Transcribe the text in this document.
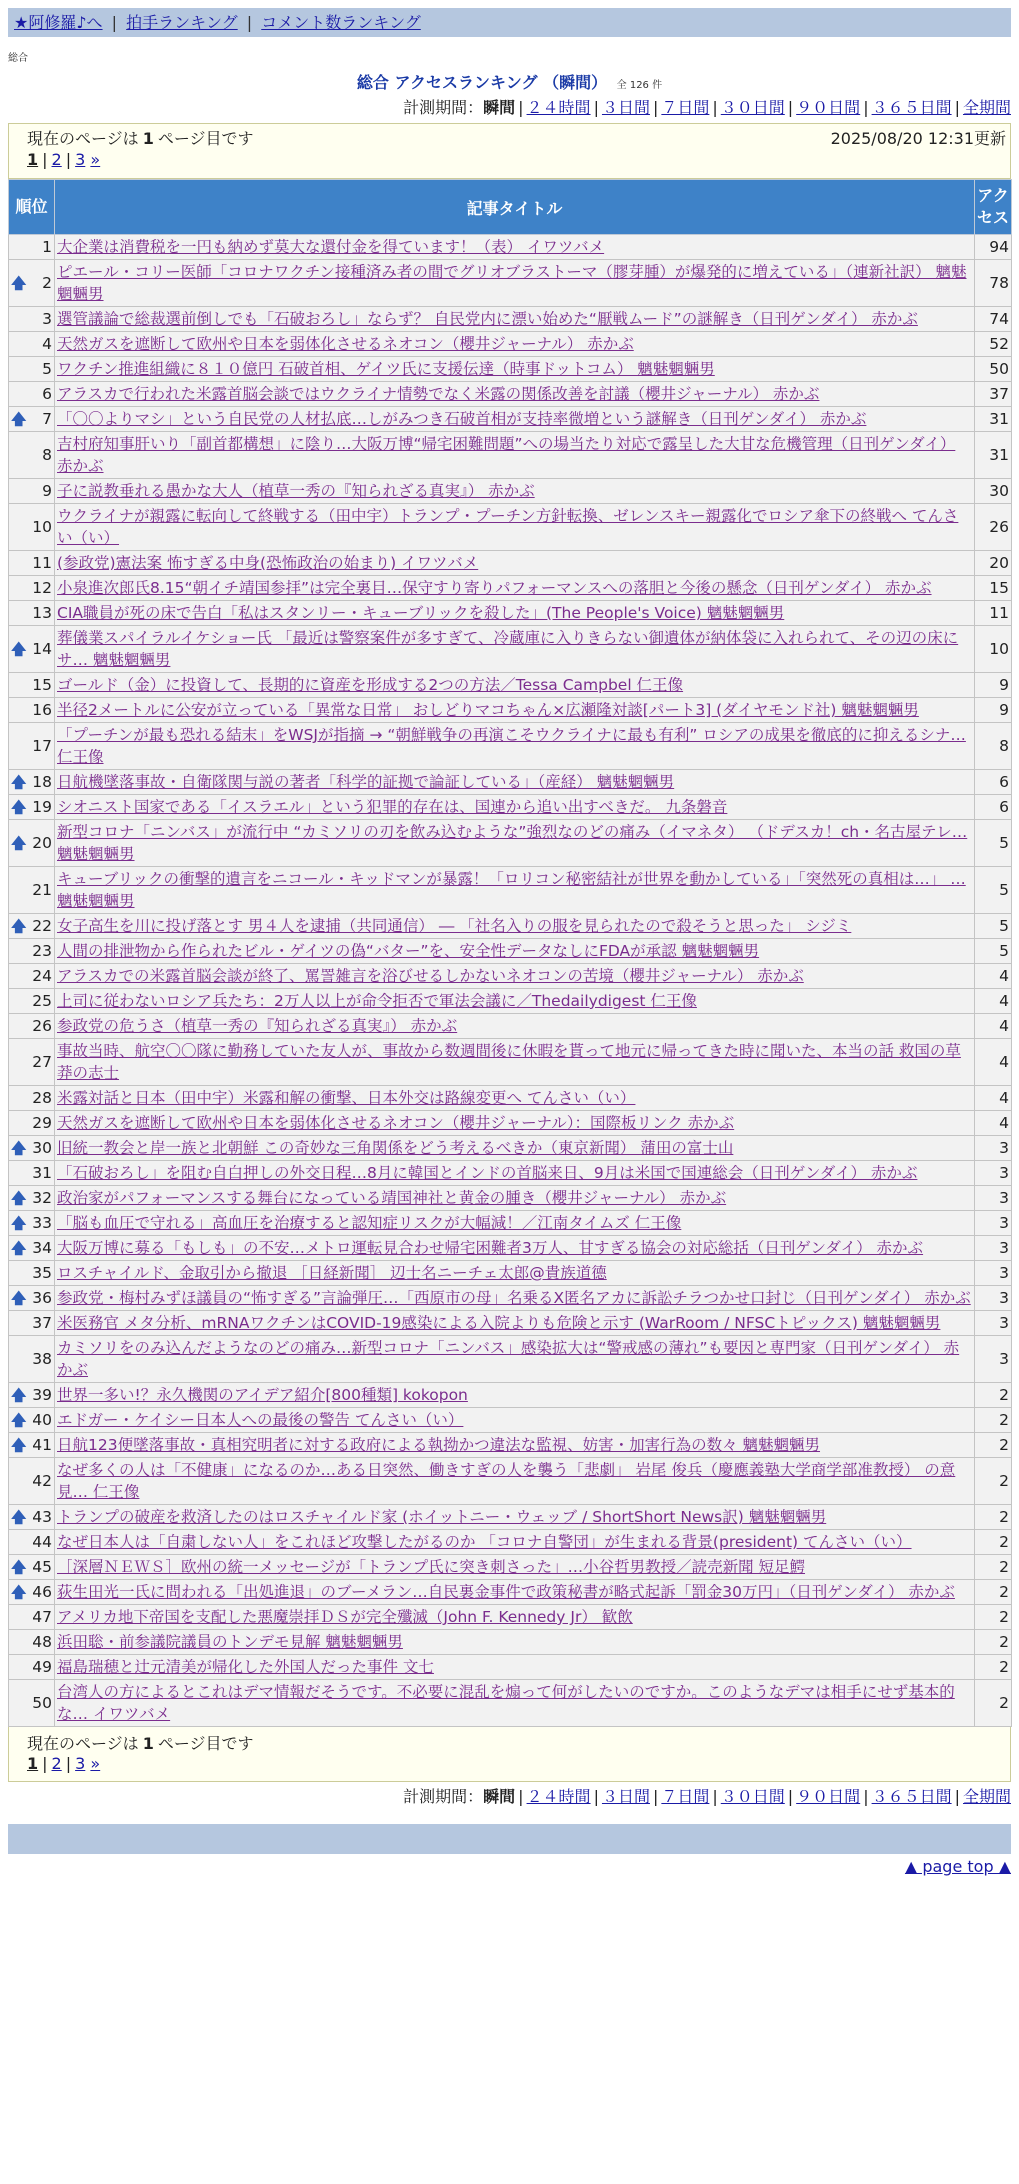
★阿修羅♪へ | 拍手ランキング | コメント数ランキング
総合
総合 アクセスランキング （瞬間） 全 126 件
計測期間：瞬間 | ２４時間 | ３日間 | ７日間 | ３０日間 | ９０日間 | ３６５日間 | 全期間
現在のページは 1 ページ目です	2025/08/20 12:31更新
1 | 2 | 3 »
順位	記事タイトル	アクセス
1	大企業は消費税を一円も納めず莫大な還付金を得ています！（表） イワツバメ	94

🡅 2	ピエール・コリー医師「コロナワクチン接種済み者の間でグリオブラストーマ（膠芽腫）が爆発的に増えている」（連新社訳） 魑魅魍魎男	78
3	選管議論で総裁選前倒しでも「石破おろし」ならず？ 自民党内に漂い始めた“厭戦ムード”の謎解き（日刊ゲンダイ） 赤かぶ	74
4	天然ガスを遮断して欧州や日本を弱体化させるネオコン（櫻井ジャーナル） 赤かぶ	52
5	ワクチン推進組織に８１０億円 石破首相、ゲイツ氏に支援伝達（時事ドットコム） 魑魅魍魎男	50
6	アラスカで行われた米露首脳会談ではウクライナ情勢でなく米露の関係改善を討議（櫻井ジャーナル） 赤かぶ	37

🡅 7	「〇〇よりマシ」という自民党の人材払底…しがみつき石破首相が支持率微増という謎解き（日刊ゲンダイ） 赤かぶ	31
8	吉村府知事肝いり「副首都構想」に陰り…大阪万博“帰宅困難問題”への場当たり対応で露呈した大甘な危機管理（日刊ゲンダイ） 赤かぶ	31
9	子に説教垂れる愚かな大人（植草一秀の『知られざる真実』） 赤かぶ	30
10	ウクライナが親露に転向して終戦する（田中宇）トランプ・プーチン方針転換、ゼレンスキー親露化でロシア傘下の終戦へ てんさい（い）	26
11	(参政党)憲法案 怖すぎる中身(恐怖政治の始まり) イワツバメ	20
12	小泉進次郎氏8.15“朝イチ靖国参拝”は完全裏目…保守すり寄りパフォーマンスへの落胆と今後の懸念（日刊ゲンダイ） 赤かぶ	15
13	CIA職員が死の床で告白「私はスタンリー・キューブリックを殺した」(The People's Voice) 魑魅魍魎男	11

🡅 14	葬儀業スパイラルイケショー氏 「最近は警察案件が多すぎて、冷蔵庫に入りきらない御遺体が納体袋に入れられて、その辺の床にサ… 魑魅魍魎男	10
15	ゴールド（金）に投資して、長期的に資産を形成する2つの方法／Tessa Campbel 仁王像	9
16	半径2メートルに公安が立っている「異常な日常」 おしどりマコちゃん×広瀬隆対談[パート3] (ダイヤモンド社) 魑魅魍魎男	9
17	「プーチンが最も恐れる結末」をWSJが指摘 → “朝鮮戦争の再演こそウクライナに最も有利” ロシアの成果を徹底的に抑えるシナ… 仁王像	8

🡅 18	日航機墜落事故・自衛隊関与説の著者「科学的証拠で論証している」（産経） 魑魅魍魎男	6

🡅 19	シオニスト国家である「イスラエル」という犯罪的存在は、国連から追い出すべきだ。 九条磐音	6

🡅 20	新型コロナ「ニンバス」が流行中 “カミソリの刃を飲み込むような”強烈なのどの痛み（イマネタ） （ドデスカ！ch・名古屋テレ… 魑魅魍魎男	5
21	キューブリックの衝撃的遺言をニコール・キッドマンが暴露！「ロリコン秘密結社が世界を動かしている」「突然死の真相は…」 … 魑魅魍魎男	5

🡅 22	女子高生を川に投げ落とす 男４人を逮捕（共同通信） ― 「社名入りの服を見られたので殺そうと思った」 シジミ	5
23	人間の排泄物から作られたビル・ゲイツの偽“バター”を、安全性データなしにFDAが承認 魑魅魍魎男	5
24	アラスカでの米露首脳会談が終了、罵詈雑言を浴びせるしかないネオコンの苦境（櫻井ジャーナル） 赤かぶ	4
25	上司に従わないロシア兵たち：2万人以上が命令拒否で軍法会議に／Thedailydigest 仁王像	4
26	参政党の危うさ（植草一秀の『知られざる真実』） 赤かぶ	4
27	事故当時、航空〇〇隊に勤務していた友人が、事故から数週間後に休暇を貰って地元に帰ってきた時に聞いた、本当の話 救国の草莽の志士	4
28	米露対話と日本（田中宇）米露和解の衝撃、日本外交は路線変更へ てんさい（い）	4
29	天然ガスを遮断して欧州や日本を弱体化させるネオコン（櫻井ジャーナル）：国際板リンク 赤かぶ	4

🡅 30	旧統一教会と岸一族と北朝鮮 この奇妙な三角関係をどう考えるべきか（東京新聞） 蒲田の富士山	3
31	「石破おろし」を阻む自白押しの外交日程…8月に韓国とインドの首脳来日、9月は米国で国連総会（日刊ゲンダイ） 赤かぶ	3

🡅 32	政治家がパフォーマンスする舞台になっている靖国神社と黄金の腫き（櫻井ジャーナル） 赤かぶ	3

🡅 33	「脳も血圧で守れる」高血圧を治療すると認知症リスクが大幅減！／江南タイムズ 仁王像	3

🡅 34	大阪万博に募る「もしも」の不安…メトロ運転見合わせ帰宅困難者3万人、甘すぎる協会の対応総括（日刊ゲンダイ） 赤かぶ	3
35	ロスチャイルド、金取引から撤退 ［日経新聞］ 辺士名ニーチェ太郎@貴族道德	3

🡅 36	参政党・梅村みずほ議員の“怖すぎる”言論弾圧…「西原市の母」名乗るX匿名アカに訴訟チラつかせ口封じ（日刊ゲンダイ） 赤かぶ	3
37	米医務官 メタ分析、mRNAワクチンはCOVID-19感染による入院よりも危険と示す (WarRoom / NFSCトピックス) 魑魅魍魎男	3
38	カミソリをのみ込んだようなのどの痛み…新型コロナ「ニンバス」感染拡大は“警戒感の薄れ”も要因と専門家（日刊ゲンダイ） 赤かぶ	3

🡅 39	世界一多い!？永久機関のアイデア紹介[800種類] kokopon	2

🡅 40	エドガー・ケイシー日本人への最後の警告 てんさい（い）	2

🡅 41	日航123便墜落事故・真相究明者に対する政府による執拗かつ違法な監視、妨害・加害行為の数々 魑魅魍魎男	2
42	なぜ多くの人は「不健康」になるのか…ある日突然、働きすぎの人を襲う「悲劇」 岩尾 俊兵（慶應義塾大学商学部准教授） の意見… 仁王像	2

🡅 43	トランプの破産を救済したのはロスチャイルド家 (ホイットニー・ウェッブ / ShortShort News訳) 魑魅魍魎男	2
44	なぜ日本人は「自粛しない人」をこれほど攻撃したがるのか 「コロナ自警団」が生まれる背景(president) てんさい（い）	2

🡅 45	［深層ＮＥＷＳ］欧州の統一メッセージが「トランプ氏に突き刺さった」…小谷哲男教授／読売新聞 短足鰐	2

🡅 46	荻生田光一氏に問われる「出処進退」のブーメラン…自民裏金事件で政策秘書が略式起訴「罰金30万円」（日刊ゲンダイ） 赤かぶ	2
47	アメリカ地下帝国を支配した悪魔崇拝ＤＳが完全殲滅（John F. Kennedy Jr） 歓飲	2
48	浜田聡・前参議院議員のトンデモ見解 魑魅魍魎男	2
49	福島瑞穂と辻元清美が帰化した外国人だった事件 文七	2
50	台湾人の方によるとこれはデマ情報だそうです。不必要に混乱を煽って何がしたいのですか。このようなデマは相手にせず基本的な… イワツバメ	2
現在のページは 1 ページ目です
1 | 2 | 3 »
計測期間：瞬間 | ２４時間 | ３日間 | ７日間 | ３０日間 | ９０日間 | ３６５日間 | 全期間
▲ page top ▲
